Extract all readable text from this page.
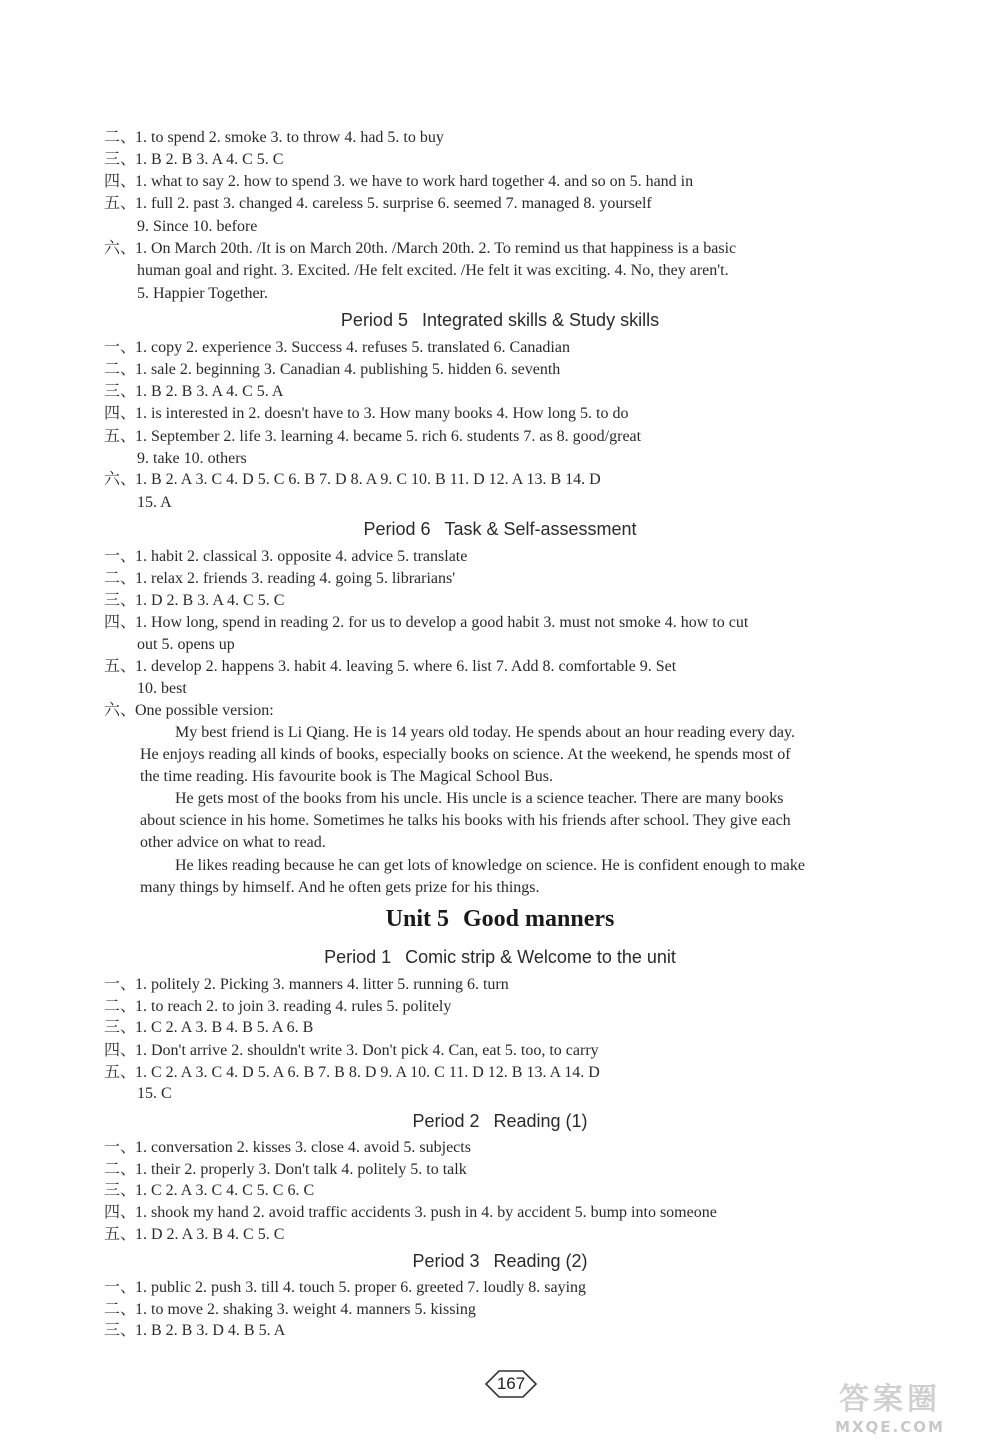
二、
1. to spend 2. smoke 3. to throw 4. had 5. to buy
三、
1. B 2. B 3. A 4. C 5. C
四、
1. what to say 2. how to spend 3. we have to work hard together 4. and so on 5. hand in
五、
1. full 2. past 3. changed 4. careless 5. surprise 6. seemed 7. managed 8. yourself
9. Since 10. before
六、
1. On March 20th. /It is on March 20th. /March 20th. 2. To remind us that happiness is a basic
human goal and right. 3. Excited. /He felt excited. /He felt it was exciting. 4. No, they aren't.
5. Happier Together.
Period 5 Integrated skills & Study skills
一、
1. copy 2. experience 3. Success 4. refuses 5. translated 6. Canadian
二、
1. sale 2. beginning 3. Canadian 4. publishing 5. hidden 6. seventh
三、
1. B 2. B 3. A 4. C 5. A
四、
1. is interested in 2. doesn't have to 3. How many books 4. How long 5. to do
五、
1. September 2. life 3. learning 4. became 5. rich 6. students 7. as 8. good/great
9. take 10. others
六、
1. B 2. A 3. C 4. D 5. C 6. B 7. D 8. A 9. C 10. B 11. D 12. A 13. B 14. D
15. A
Period 6 Task & Self-assessment
一、
1. habit 2. classical 3. opposite 4. advice 5. translate
二、
1. relax 2. friends 3. reading 4. going 5. librarians'
三、
1. D 2. B 3. A 4. C 5. C
四、
1. How long, spend in reading 2. for us to develop a good habit 3. must not smoke 4. how to cut
out 5. opens up
五、
1. develop 2. happens 3. habit 4. leaving 5. where 6. list 7. Add 8. comfortable 9. Set
10. best
六、
One possible version:
My best friend is Li Qiang. He is 14 years old today. He spends about an hour reading every day.
He enjoys reading all kinds of books, especially books on science. At the weekend, he spends most of
the time reading. His favourite book is The Magical School Bus.
He gets most of the books from his uncle. His uncle is a science teacher. There are many books
about science in his home. Sometimes he talks his books with his friends after school. They give each
other advice on what to read.
He likes reading because he can get lots of knowledge on science. He is confident enough to make
many things by himself. And he often gets prize for his things.
Unit 5 Good manners
Period 1 Comic strip & Welcome to the unit
一、
1. politely 2. Picking 3. manners 4. litter 5. running 6. turn
二、
1. to reach 2. to join 3. reading 4. rules 5. politely
三、
1. C 2. A 3. B 4. B 5. A 6. B
四、
1. Don't arrive 2. shouldn't write 3. Don't pick 4. Can, eat 5. too, to carry
五、
1. C 2. A 3. C 4. D 5. A 6. B 7. B 8. D 9. A 10. C 11. D 12. B 13. A 14. D
15. C
Period 2 Reading (1)
一、
1. conversation 2. kisses 3. close 4. avoid 5. subjects
二、
1. their 2. properly 3. Don't talk 4. politely 5. to talk
三、
1. C 2. A 3. C 4. C 5. C 6. C
四、
1. shook my hand 2. avoid traffic accidents 3. push in 4. by accident 5. bump into someone
五、
1. D 2. A 3. B 4. C 5. C
Period 3 Reading (2)
一、
1. public 2. push 3. till 4. touch 5. proper 6. greeted 7. loudly 8. saying
二、
1. to move 2. shaking 3. weight 4. manners 5. kissing
三、
1. B 2. B 3. D 4. B 5. A
167	答案圈
MXQE.COM
